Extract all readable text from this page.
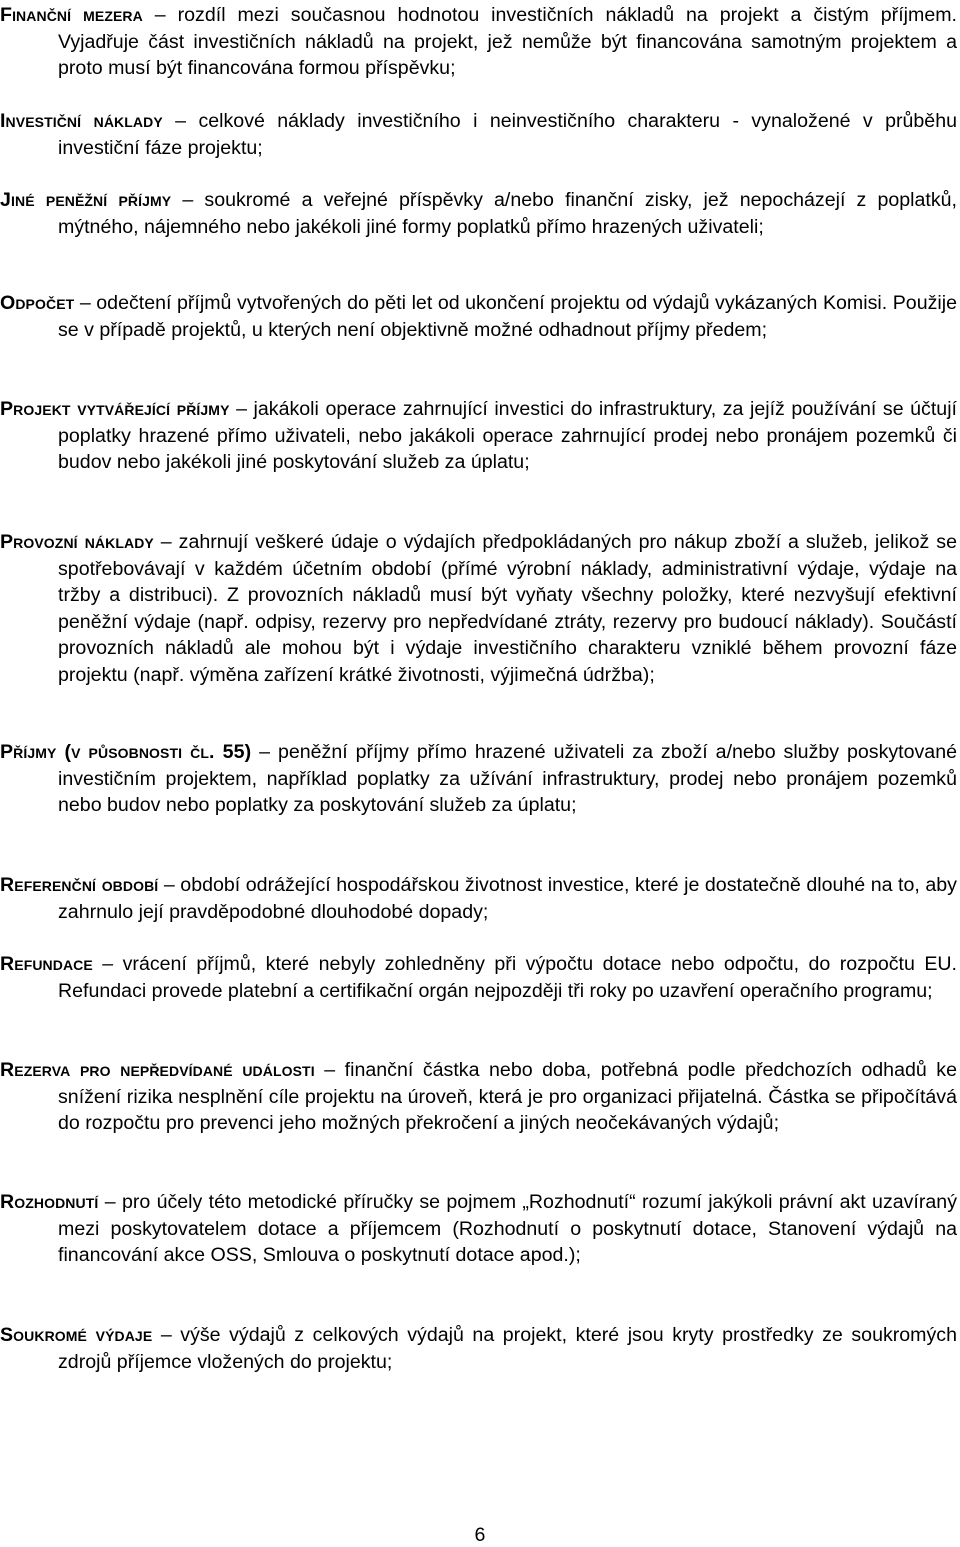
Finanční mezera – rozdíl mezi současnou hodnotou investičních nákladů na projekt a čistým příjmem. Vyjadřuje část investičních nákladů na projekt, jež nemůže být financována samotným projektem a proto musí být financována formou příspěvku;

Investiční náklady – celkové náklady investičního i neinvestičního charakteru - vynaložené v průběhu investiční fáze projektu;

Jiné peněžní příjmy – soukromé a veřejné příspěvky a/nebo finanční zisky, jež nepocházejí z poplatků, mýtného, nájemného nebo jakékoli jiné formy poplatků přímo hrazených uživateli;

Odpočet – odečtení příjmů vytvořených do pěti let od ukončení projektu od výdajů vykázaných Komisi. Použije se v případě projektů, u kterých není objektivně možné odhadnout příjmy předem;

Projekt vytvářející příjmy – jakákoli operace zahrnující investici do infrastruktury, za jejíž používání se účtují poplatky hrazené přímo uživateli, nebo jakákoli operace zahrnující prodej nebo pronájem pozemků či budov nebo jakékoli jiné poskytování služeb za úplatu;

Provozní náklady – zahrnují veškeré údaje o výdajích předpokládaných pro nákup zboží a služeb, jelikož se spotřebovávají v každém účetním období (přímé výrobní náklady, administrativní výdaje, výdaje na tržby a distribuci). Z provozních nákladů musí být vyňaty všechny položky, které nezvyšují efektivní peněžní výdaje (např. odpisy, rezervy pro nepředvídané ztráty, rezervy pro budoucí náklady). Součástí provozních nákladů ale mohou být i výdaje investičního charakteru vzniklé během provozní fáze projektu (např. výměna zařízení krátké životnosti, výjimečná údržba);

Příjmy (v působnosti čl. 55) – peněžní příjmy přímo hrazené uživateli za zboží a/nebo služby poskytované investičním projektem, například poplatky za užívání infrastruktury, prodej nebo pronájem pozemků nebo budov nebo poplatky za poskytování služeb za úplatu;

Referenční období – období odrážející hospodářskou životnost investice, které je dostatečně dlouhé na to, aby zahrnulo její pravděpodobné dlouhodobé dopady;

Refundace – vrácení příjmů, které nebyly zohledněny při výpočtu dotace nebo odpočtu, do rozpočtu EU. Refundaci provede platební a certifikační orgán nejpozději tři roky po uzavření operačního programu;

Rezerva pro nepředvídané události – finanční částka nebo doba, potřebná podle předchozích odhadů ke snížení rizika nesplnění cíle projektu na úroveň, která je pro organizaci přijatelná. Částka se připočítává do rozpočtu pro prevenci jeho možných překročení a jiných neočekávaných výdajů;

Rozhodnutí – pro účely této metodické příručky se pojmem „Rozhodnutí“ rozumí jakýkoli právní akt uzavíraný mezi poskytovatelem dotace a příjemcem (Rozhodnutí o poskytnutí dotace, Stanovení výdajů na financování akce OSS, Smlouva o poskytnutí dotace apod.);

Soukromé výdaje – výše výdajů z celkových výdajů na projekt, které jsou kryty prostředky ze soukromých zdrojů příjemce vložených do projektu;

6
